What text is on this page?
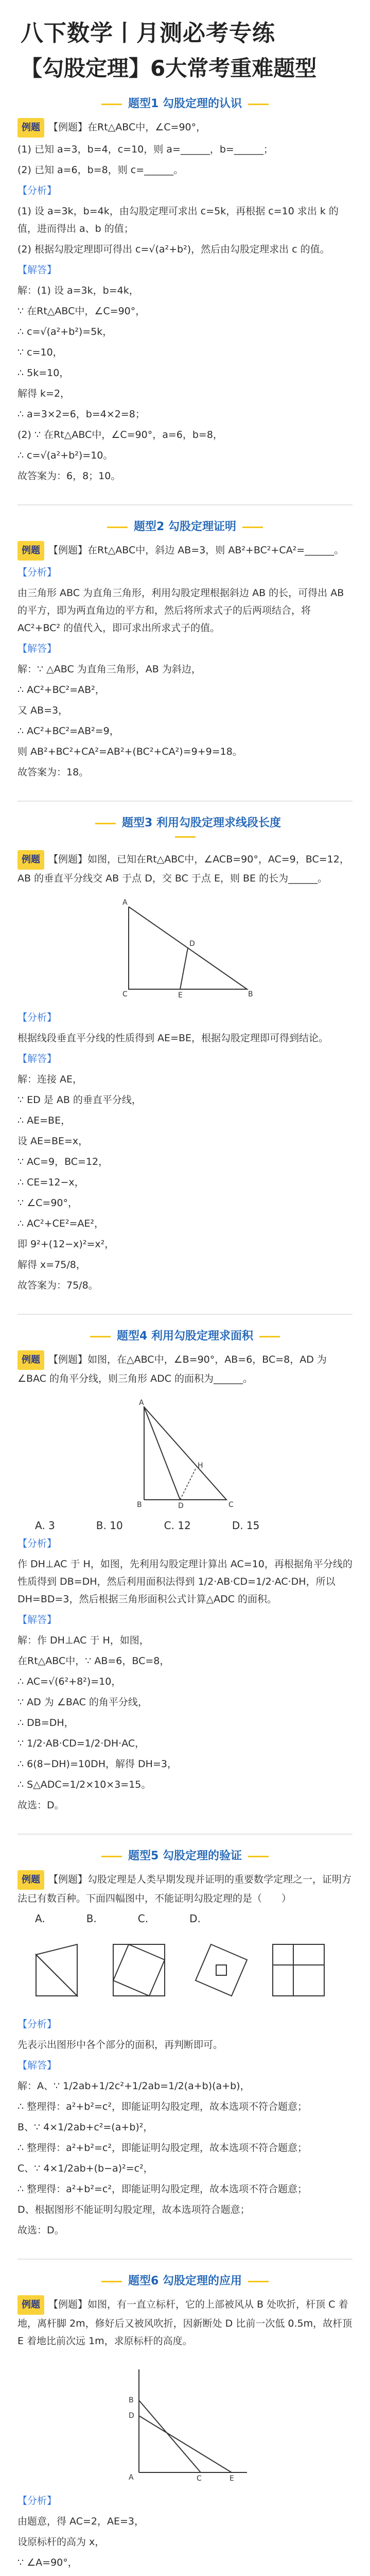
八下数学丨月测必考专练
【勾股定理】6大常考重难题型
题型1 勾股定理的认识

例题 【例题】在Rt△ABC中，∠C=90°，

(1) 已知 a=3，b=4，c=10，则 a=______，b=______；

(2) 已知 a=6，b=8，则 c=______。

【分析】

(1) 设 a=3k，b=4k，由勾股定理可求出 c=5k，再根据 c=10 求出 k 的值，进而得出 a、b 的值；

(2) 根据勾股定理即可得出 c=√(a²+b²)，然后由勾股定理求出 c 的值。

【解答】

解：(1) 设 a=3k，b=4k，

∵ 在Rt△ABC中，∠C=90°，

∴ c=√(a²+b²)=5k，

∵ c=10，

∴ 5k=10，

解得 k=2，

∴ a=3×2=6，b=4×2=8；

(2) ∵ 在Rt△ABC中，∠C=90°，a=6，b=8，

∴ c=√(a²+b²)=10。

故答案为：6，8；10。

题型2 勾股定理证明

例题 【例题】在Rt△ABC中，斜边 AB=3，则 AB²+BC²+CA²=______。

【分析】

由三角形 ABC 为直角三角形，利用勾股定理根据斜边 AB 的长，可得出 AB 的平方，即为两直角边的平方和，然后将所求式子的后两项结合，将 AC²+BC² 的值代入，即可求出所求式子的值。

【解答】

解：∵ △ABC 为直角三角形，AB 为斜边，

∴ AC²+BC²=AB²，

又 AB=3，

∴ AC²+BC²=AB²=9，

则 AB²+BC²+CA²=AB²+(BC²+CA²)=9+9=18。

故答案为：18。

题型3 利用勾股定理求线段长度

例题 【例题】如图，已知在Rt△ABC中，∠ACB=90°，AC=9，BC=12，AB 的垂直平分线交 AB 于点 D，交 BC 于点 E，则 BE 的长为______。

A
C	B
D
E

【分析】

根据线段垂直平分线的性质得到 AE=BE，根据勾股定理即可得到结论。

【解答】

解：连接 AE，

∵ ED 是 AB 的垂直平分线，

∴ AE=BE，

设 AE=BE=x，

∵ AC=9，BC=12，

∴ CE=12−x，

∵ ∠C=90°，

∴ AC²+CE²=AE²，

即 9²+(12−x)²=x²，

解得 x=75/8，

故答案为：75/8。

题型4 利用勾股定理求面积

例题 【例题】如图，在△ABC中，∠B=90°，AB=6，BC=8，AD 为 ∠BAC 的角平分线，则三角形 ADC 的面积为______。

A
B	D	C
H
A. 3	B. 10	C. 12	D. 15

【分析】

作 DH⊥AC 于 H，如图，先利用勾股定理计算出 AC=10，再根据角平分线的性质得到 DB=DH，然后利用面积法得到 1/2·AB·CD=1/2·AC·DH，所以 DH=BD=3，然后根据三角形面积公式计算△ADC 的面积。

【解答】

解：作 DH⊥AC 于 H，如图，

在Rt△ABC中，∵ AB=6，BC=8，

∴ AC=√(6²+8²)=10，

∵ AD 为 ∠BAC 的角平分线，

∴ DB=DH，

∵ 1/2·AB·CD=1/2·DH·AC，

∴ 6(8−DH)=10DH，解得 DH=3，

∴ S△ADC=1/2×10×3=15。

故选：D。

题型5 勾股定理的验证

例题 【例题】勾股定理是人类早期发现并证明的重要数学定理之一，证明方法已有数百种。下面四幅图中，不能证明勾股定理的是（　　）

A.	B.	C.	D.

【分析】

先表示出图形中各个部分的面积，再判断即可。

【解答】

解：A、∵ 1/2ab+1/2c²+1/2ab=1/2(a+b)(a+b)，

∴ 整理得：a²+b²=c²，即能证明勾股定理，故本选项不符合题意；

B、∵ 4×1/2ab+c²=(a+b)²，

∴ 整理得：a²+b²=c²，即能证明勾股定理，故本选项不符合题意；

C、∵ 4×1/2ab+(b−a)²=c²，

∴ 整理得：a²+b²=c²，即能证明勾股定理，故本选项不符合题意；

D、根据图形不能证明勾股定理，故本选项符合题意；

故选：D。

题型6 勾股定理的应用

例题 【例题】如图，有一直立标杆，它的上部被风从 B 处吹折，杆顶 C 着地，离杆脚 2m，修好后又被风吹折，因新断处 D 比前一次低 0.5m，故杆顶 E 着地比前次远 1m，求原标杆的高度。

A
B
D
C	E

【分析】

由题意，得 AC=2，AE=3，

设原标杆的高为 x，

∵ ∠A=90°，
